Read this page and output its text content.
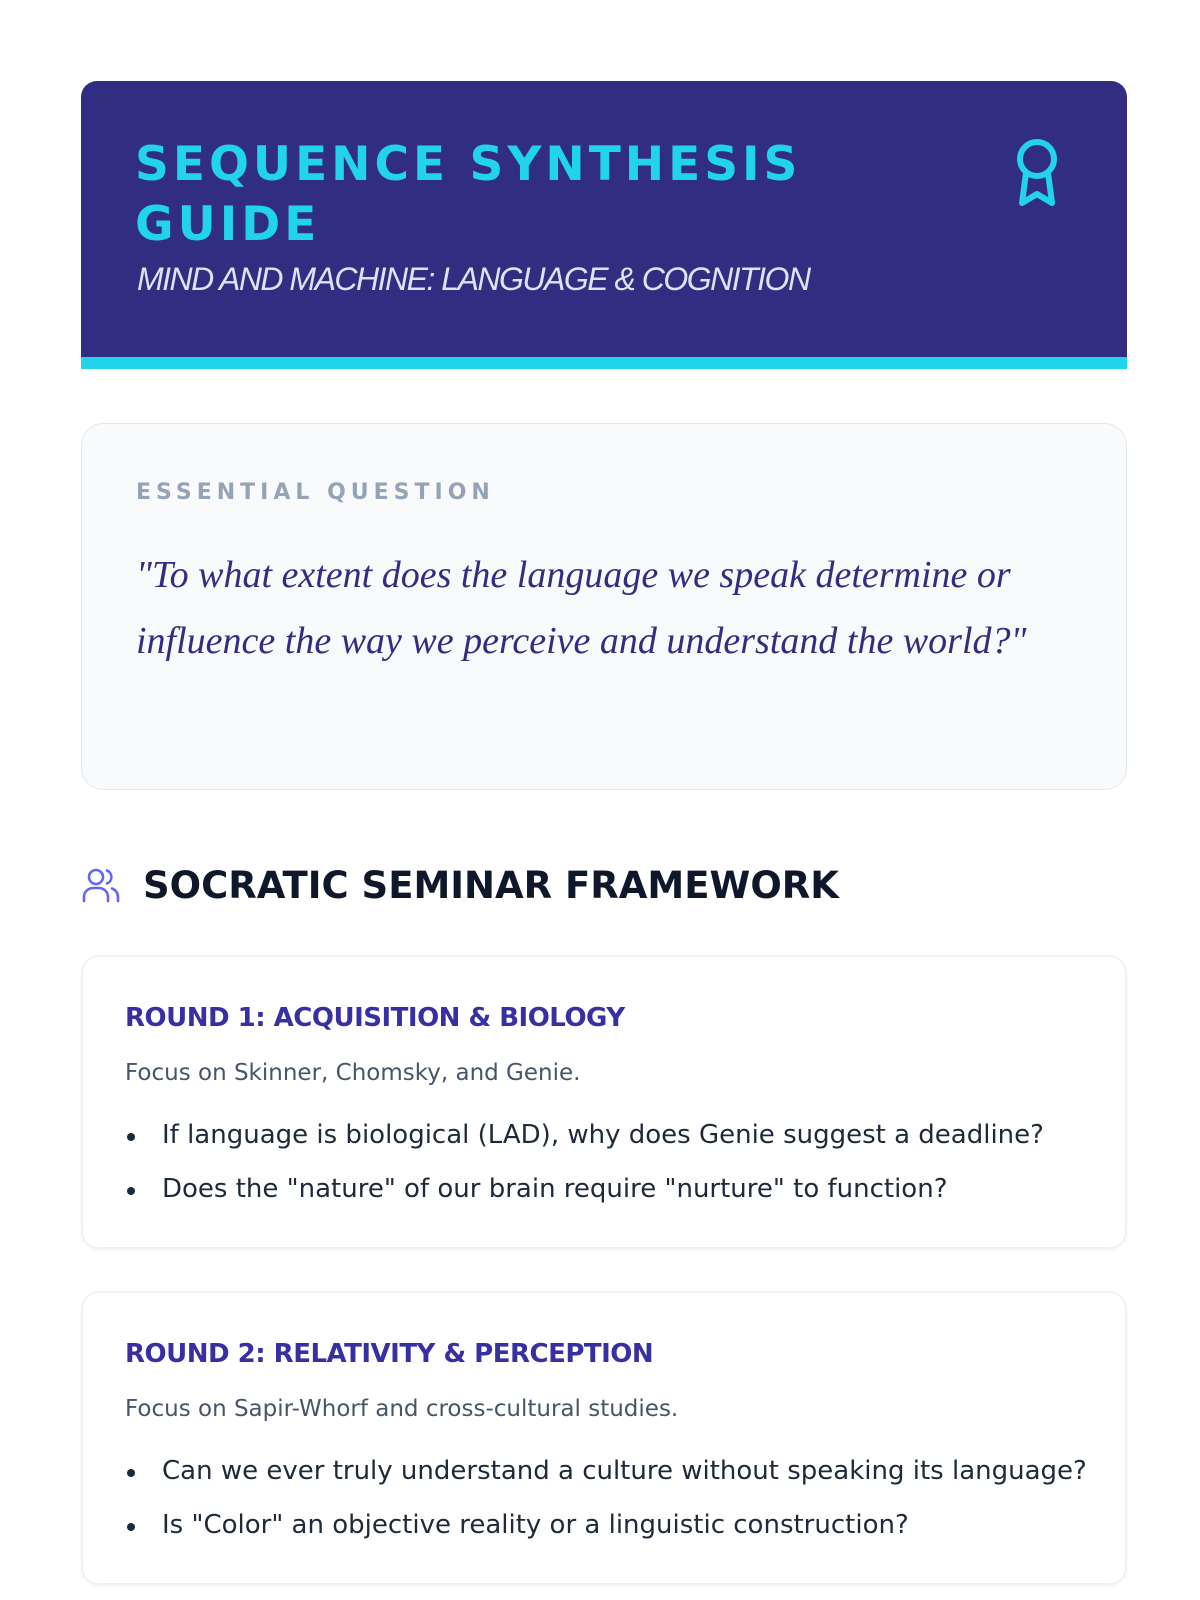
SEQUENCE SYNTHESIS GUIDE

MIND AND MACHINE: LANGUAGE & COGNITION

ESSENTIAL QUESTION

"To what extent does the language we speak determine or influence the way we perceive and understand the world?"

SOCRATIC SEMINAR FRAMEWORK
ROUND 1: ACQUISITION & BIOLOGY

Focus on Skinner, Chomsky, and Genie.

If language is biological (LAD), why does Genie suggest a deadline?
Does the "nature" of our brain require "nurture" to function?
ROUND 2: RELATIVITY & PERCEPTION

Focus on Sapir-Whorf and cross-cultural studies.

Can we ever truly understand a culture without speaking its language?
Is "Color" an objective reality or a linguistic construction?
